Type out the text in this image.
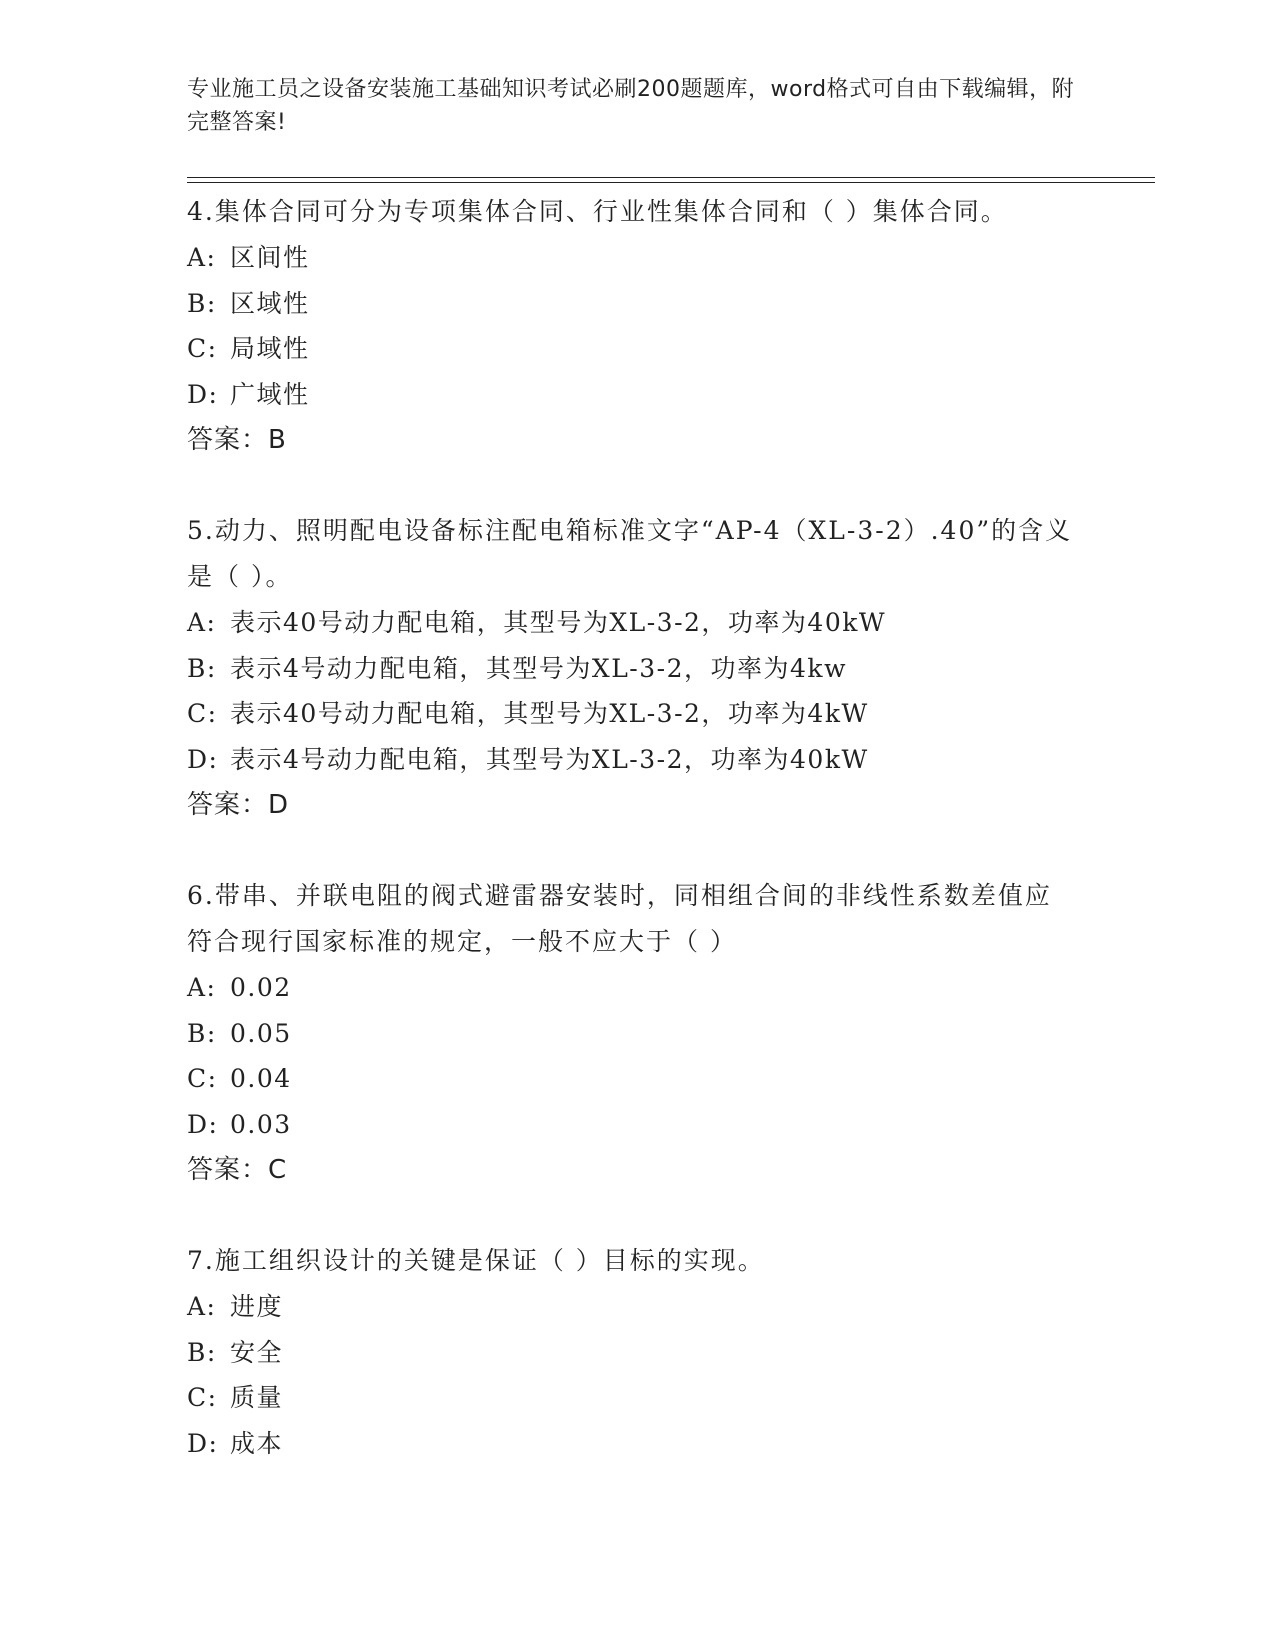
专业施工员之设备安装施工基础知识考试必刷200题题库，word格式可自由下载编辑，附完整答案!

4.集体合同可分为专项集体合同、行业性集体合同和（ ）集体合同。

A: 区间性

B: 区域性

C: 局域性

D: 广域性

答案：B

5.动力、照明配电设备标注配电箱标准文字“AP-4（XL-3-2）.40”的含义是（ ）。

A: 表示40号动力配电箱，其型号为XL-3-2，功率为40kW

B: 表示4号动力配电箱，其型号为XL-3-2，功率为4kw

C: 表示40号动力配电箱，其型号为XL-3-2，功率为4kW

D: 表示4号动力配电箱，其型号为XL-3-2，功率为40kW

答案：D

6.带串、并联电阻的阀式避雷器安装时，同相组合间的非线性系数差值应符合现行国家标准的规定，一般不应大于（ ）

A: 0.02

B: 0.05

C: 0.04

D: 0.03

答案：C

7.施工组织设计的关键是保证（ ）目标的实现。

A: 进度

B: 安全

C: 质量

D: 成本
